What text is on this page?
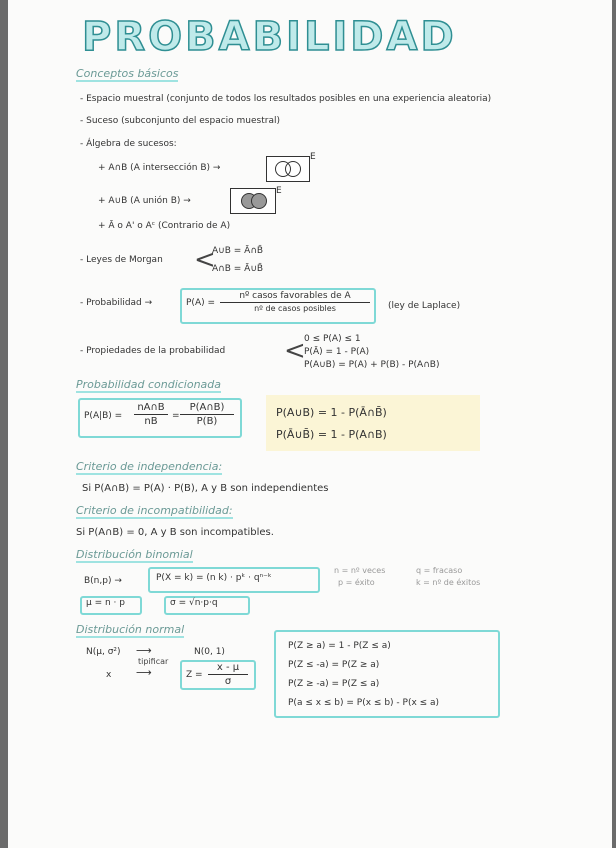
PROBABILIDAD
Conceptos básicos
- Espacio muestral (conjunto de todos los resultados posibles en una experiencia aleatoria)
- Suceso (subconjunto del espacio muestral)
- Álgebra de sucesos:
+ A∩B (A intersección B) →
E
+ A∪B (A unión B) →
E
+ Ā o A' o Aᶜ (Contrario de A)
- Leyes de Morgan <
A∪B = Ā∩B̄
A∩B = Ā∪B̄
- Probabilidad →	P(A) =
nº casos favorables de A
nº de casos posibles	(ley de Laplace)
- Propiedades de la probabilidad <
0 ≤ P(A) ≤ 1
P(Ā) = 1 - P(A)
P(A∪B) = P(A) + P(B) - P(A∩B)
Probabilidad condicionada
P(A|B) =
nA∩B
nB	=
P(A∩B)
P(B)
P(A∪B) = 1 - P(Ā∩B̄)
P(Ā∪B̄) = 1 - P(A∩B)
Criterio de independencia:
Si P(A∩B) = P(A) · P(B), A y B son independientes
Criterio de incompatibilidad:
Si P(A∩B) = 0, A y B son incompatibles.
Distribución binomial
B(n,p) →	P(X = k) = (n k) · pᵏ · qⁿ⁻ᵏ
n = nº veces
p = éxito
q = fracaso
k = nº de éxitos
μ = n · p	σ = √n·p·q
Distribución normal
N(μ, σ²) ⟶
tipificar
N(0, 1)
x ⟶	Z =
x - μ
σ
P(Z ≥ a) = 1 - P(Z ≤ a)
P(Z ≤ -a) = P(Z ≥ a)
P(Z ≥ -a) = P(Z ≤ a)
P(a ≤ x ≤ b) = P(x ≤ b) - P(x ≤ a)
